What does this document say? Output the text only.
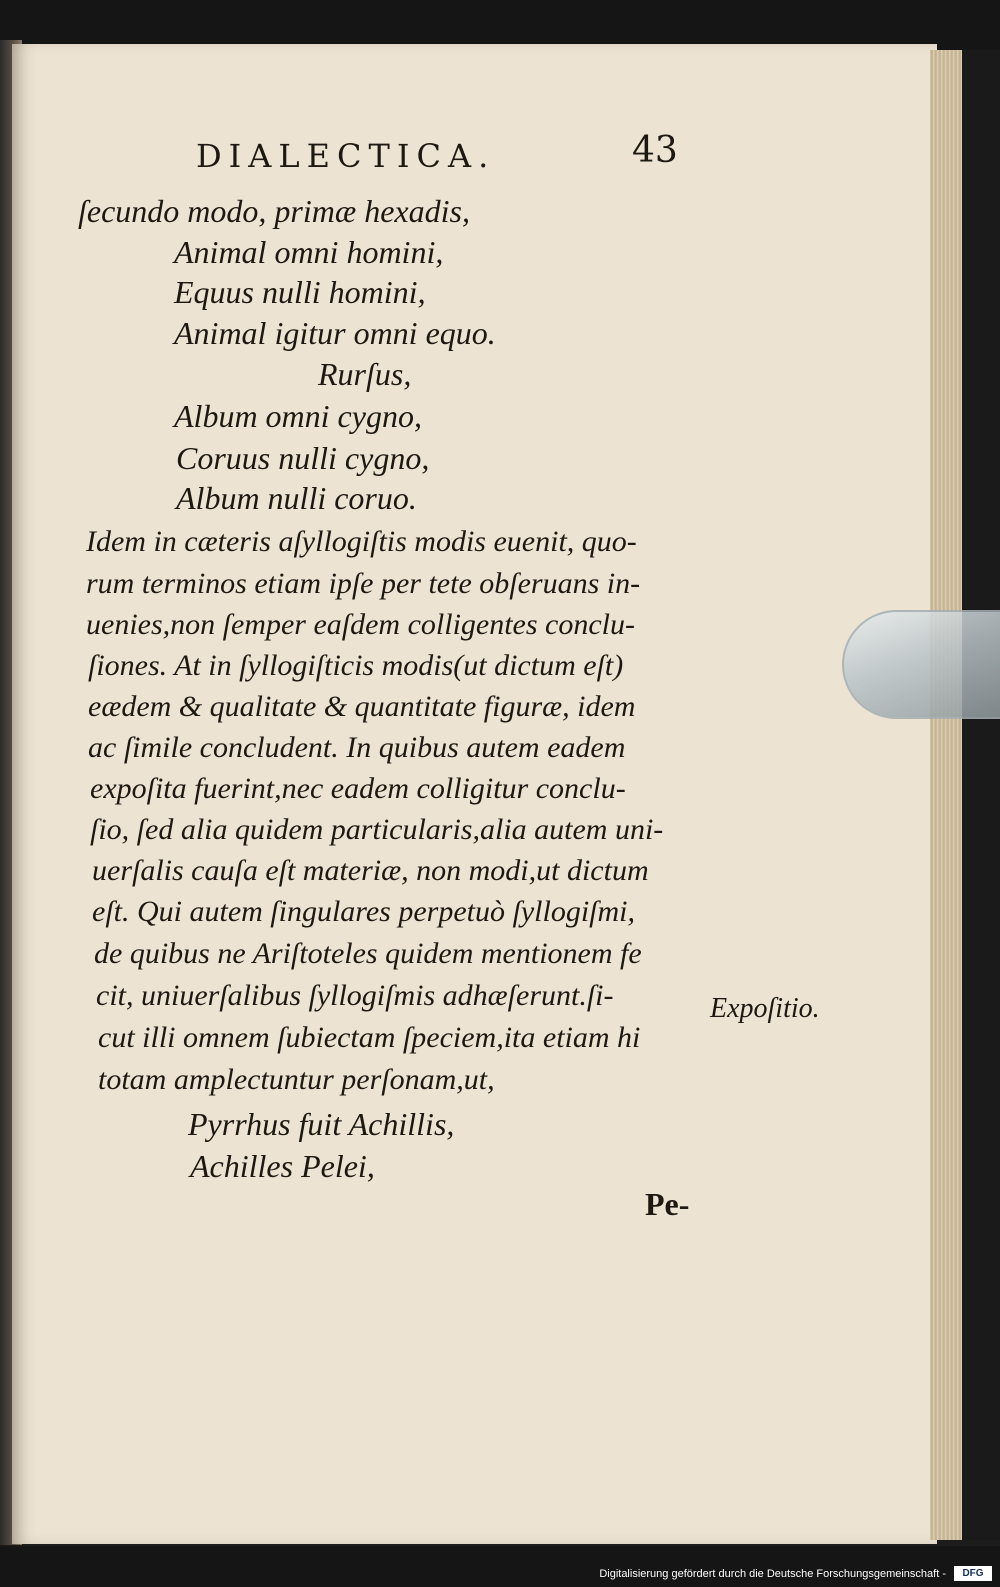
DIALECTICA.	43
ſecundo modo, primæ hexadis,
Animal omni homini,
Equus nulli homini,
Animal igitur omni equo.
Rurſus,
Album omni cygno,
Coruus nulli cygno,
Album nulli coruo.
Idem in cæteris aſyllogiſtis modis euenit, quo-
rum terminos etiam ipſe per tete obſeruans in-
uenies,non ſemper eaſdem colligentes conclu-
ſiones. At in ſyllogiſticis modis(ut dictum eſt)
eædem & qualitate & quantitate figuræ, idem
ac ſimile concludent. In quibus autem eadem
expoſita fuerint,nec eadem colligitur conclu-
ſio, ſed alia quidem particularis,alia autem uni-
uerſalis cauſa eſt materiæ, non modi,ut dictum
eſt. Qui autem ſingulares perpetuò ſyllogiſmi,
de quibus ne Ariſtoteles quidem mentionem fe
cit, uniuerſalibus ſyllogiſmis adhæſerunt.ſi-
cut illi omnem ſubiectam ſpeciem,ita etiam hi
totam amplectuntur perſonam,ut,
Pyrrhus fuit Achillis,
Achilles Pelei,
Expoſitio.
Pe-
Digitalisierung gefördert durch die Deutsche Forschungsgemeinschaft -	DFG
